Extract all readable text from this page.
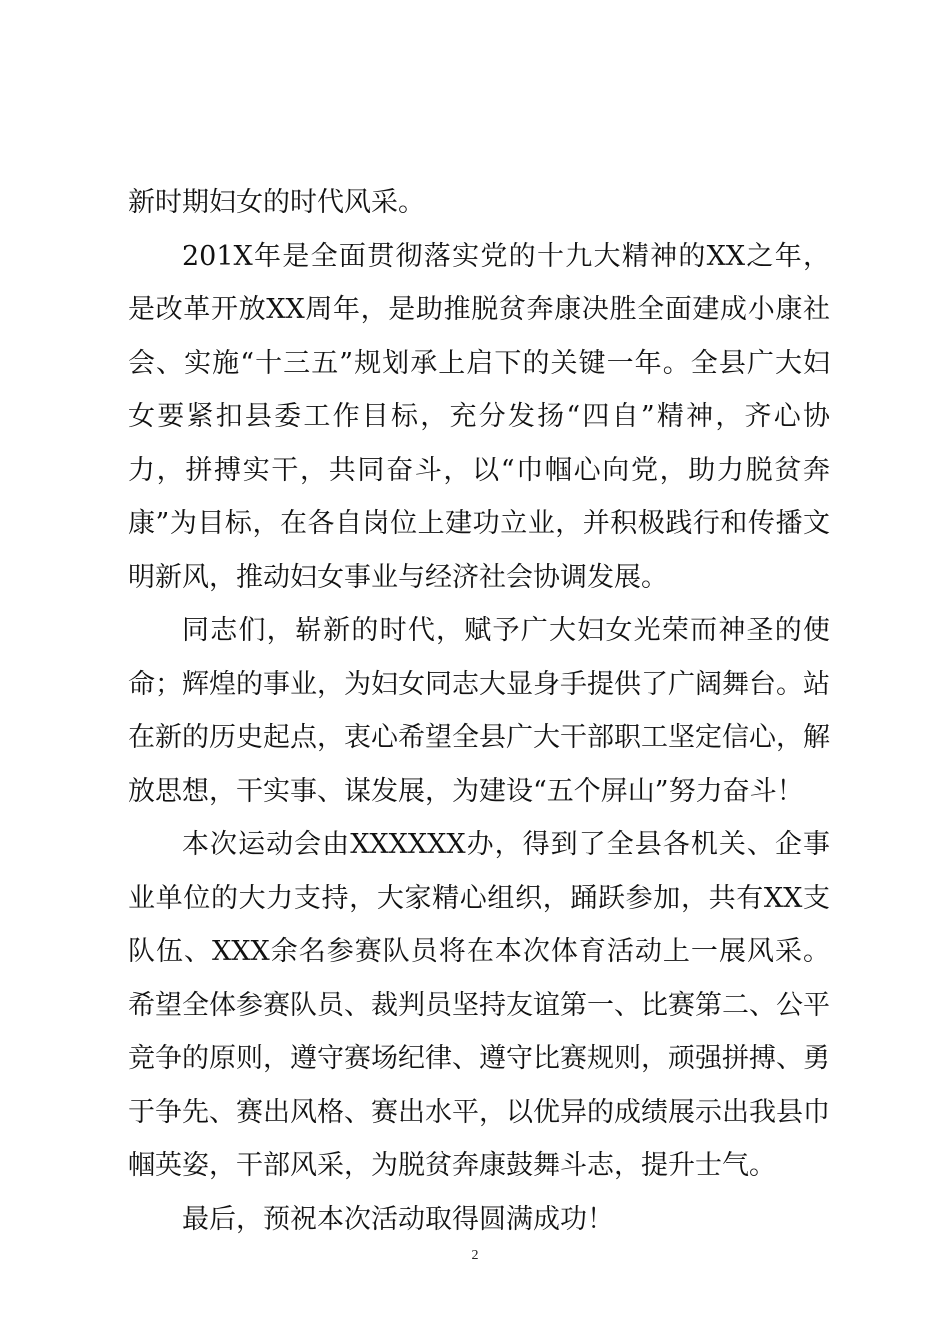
新时期妇女的时代风采。

201X年是全面贯彻落实党的十九大精神的XX之年，是改革开放XX周年，是助推脱贫奔康决胜全面建成小康社会、实施“十三五”规划承上启下的关键一年。全县广大妇女要紧扣县委工作目标，充分发扬“四自”精神，齐心协力，拼搏实干，共同奋斗，以“巾帼心向党，助力脱贫奔康”为目标，在各自岗位上建功立业，并积极践行和传播文明新风，推动妇女事业与经济社会协调发展。

同志们，崭新的时代，赋予广大妇女光荣而神圣的使命；辉煌的事业，为妇女同志大显身手提供了广阔舞台。站在新的历史起点，衷心希望全县广大干部职工坚定信心，解放思想，干实事、谋发展，为建设“五个屏山”努力奋斗！

本次运动会由XXXXXX办，得到了全县各机关、企事业单位的大力支持，大家精心组织，踊跃参加，共有XX支队伍、XXX余名参赛队员将在本次体育活动上一展风采。希望全体参赛队员、裁判员坚持友谊第一、比赛第二、公平竞争的原则，遵守赛场纪律、遵守比赛规则，顽强拼搏、勇于争先、赛出风格、赛出水平，以优异的成绩展示出我县巾帼英姿，干部风采，为脱贫奔康鼓舞斗志，提升士气。

最后，预祝本次活动取得圆满成功！

2
